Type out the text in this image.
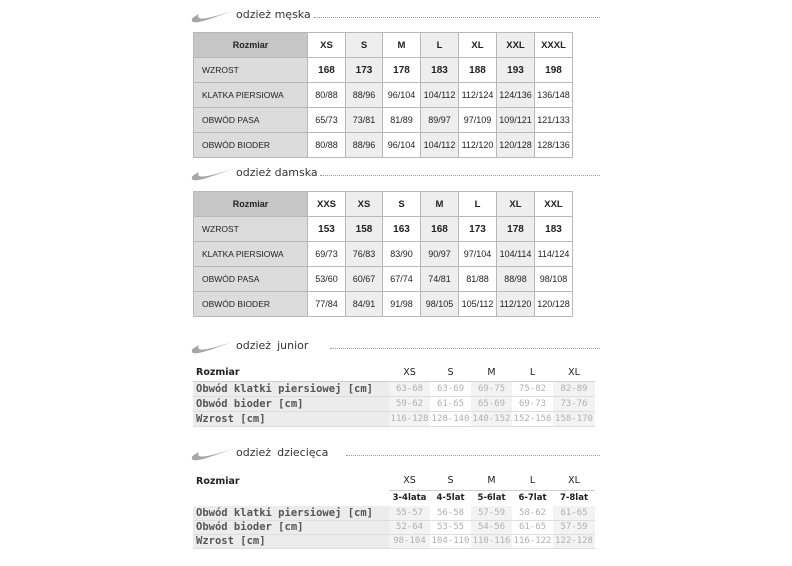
odzież męska
Rozmiar	XS	S	M	L	XL	XXL	XXXL
WZROST	168	173	178	183	188	193	198
KLATKA PIERSIOWA	80/88	88/96	96/104	104/112	112/124	124/136	136/148
OBWÓD PASA	65/73	73/81	81/89	89/97	97/109	109/121	121/133
OBWÓD BIODER	80/88	88/96	96/104	104/112	112/120	120/128	128/136
odzież damska
Rozmiar	XXS	XS	S	M	L	XL	XXL
WZROST	153	158	163	168	173	178	183
KLATKA PIERSIOWA	69/73	76/83	83/90	90/97	97/104	104/114	114/124
OBWÓD PASA	53/60	60/67	67/74	74/81	81/88	88/98	98/108
OBWÓD BIODER	77/84	84/91	91/98	98/105	105/112	112/120	120/128
odzież junior
Rozmiar	XS	S	M	L	XL
Obwód klatki piersiowej [cm]	63-68	63-69	69-75	75-82	82-89
Obwód bioder [cm]	59-62	61-65	65-69	69-73	73-76
Wzrost [cm]	116-128	128-140	140-152	152-158	158-170
odzież dziecięca
Rozmiar	XS	S	M	L	XL
	3-4lata	4-5lat	5-6lat	6-7lat	7-8lat
Obwód klatki piersiowej [cm]	55-57	56-58	57-59	58-62	61-65
Obwód bioder [cm]	52-64	53-55	54-56	61-65	57-59
Wzrost [cm]	98-104	104-110	110-116	116-122	122-128
